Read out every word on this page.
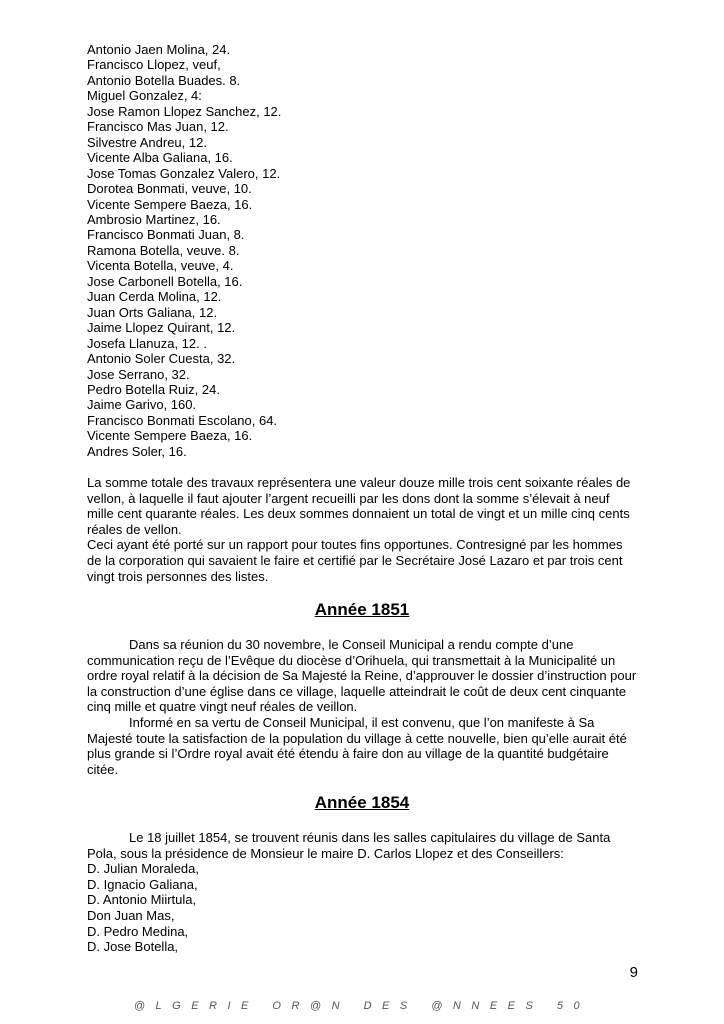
Antonio Jaen Molina, 24.
Francisco Llopez, veuf,
Antonio Botella Buades. 8.
Miguel Gonzalez, 4:
Jose Ramon Llopez Sanchez, 12.
Francisco Mas Juan, 12.
Silvestre Andreu, 12.
Vicente Alba Galiana, 16.
Jose Tomas Gonzalez Valero, 12.
Dorotea Bonmati, veuve, 10.
Vicente Sempere Baeza, 16.
Ambrosio Martinez, 16.
Francisco Bonmati Juan, 8.
Ramona Botella, veuve. 8.
Vicenta Botella, veuve, 4.
Jose Carbonell Botella, 16.
Juan Cerda Molina, 12.
Juan Orts Galiana, 12.
Jaime Llopez Quirant, 12.
Josefa Llanuza, 12. .
Antonio Soler Cuesta, 32.
Jose Serrano, 32.
Pedro Botella Ruiz, 24.
Jaime Garivo, 160.
Francisco Bonmati Escolano, 64.
Vicente Sempere Baeza, 16.
Andres Soler, 16.

La somme totale des travaux représentera une valeur douze mille trois cent soixante réales de vellon, à laquelle il faut ajouter l’argent recueilli par les dons dont la somme s’élevait à neuf mille cent quarante réales. Les deux sommes donnaient un total de vingt et un mille cinq cents réales de vellon.

Ceci ayant été porté sur un rapport pour toutes fins opportunes. Contresigné par les hommes de la corporation qui savaient le faire et certifié par le Secrétaire José Lazaro et par trois cent vingt trois personnes des listes.

Année 1851

Dans sa réunion du 30 novembre, le Conseil Municipal a rendu compte d’une communication reçu de l’Evêque du diocèse d’Orihuela, qui transmettait à la Municipalité un ordre royal relatif à la décision de Sa Majesté la Reine, d’approuver le dossier d’instruction pour la construction d’une église dans ce village, laquelle atteindrait le coût de deux cent cinquante cinq mille et quatre vingt neuf réales de veillon.

Informé en sa vertu de Conseil Municipal, il est convenu, que l’on manifeste à Sa Majesté toute la satisfaction de la population du village à cette nouvelle, bien qu’elle aurait été plus grande si l’Ordre royal avait été étendu à faire don au village de la quantité budgétaire citée.

Année 1854

Le 18 juillet 1854, se trouvent réunis dans les salles capitulaires du village de Santa Pola, sous la présidence de Monsieur le maire D. Carlos Llopez et des Conseillers:

D. Julian Moraleda,
D. Ignacio Galiana,
D. Antonio Miirtula,
Don Juan Mas,
D. Pedro Medina,
D. Jose Botella,
9
@LGERIE OR@N DES @NNEES 50
